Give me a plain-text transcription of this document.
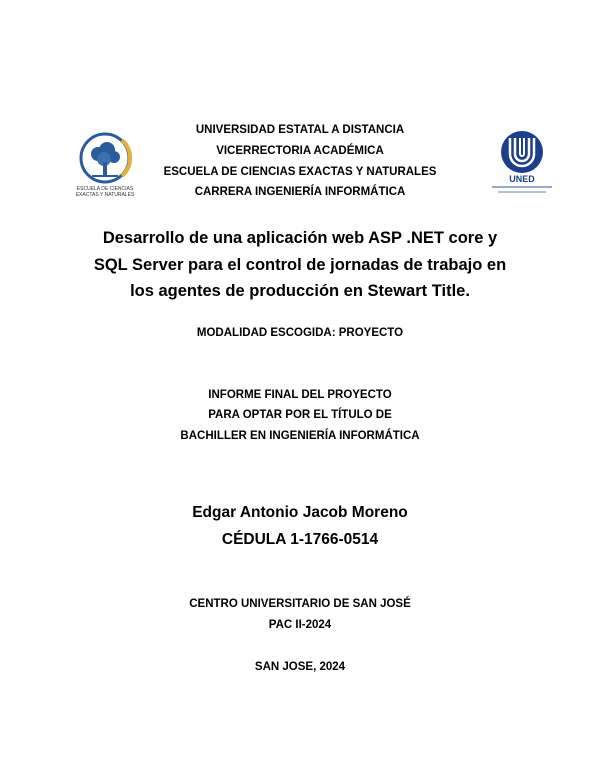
ESCUELA DE CIENCIAS
EXACTAS Y NATURALES
UNED
UNIVERSIDAD ESTATAL A DISTANCIA
VICERRECTORIA ACADÉMICA
ESCUELA DE CIENCIAS EXACTAS Y NATURALES
CARRERA INGENIERÍA INFORMÁTICA
Desarrollo de una aplicación web ASP .NET core y
SQL Server para el control de jornadas de trabajo en
los agentes de producción en Stewart Title.
MODALIDAD ESCOGIDA: PROYECTO
INFORME FINAL DEL PROYECTO
PARA OPTAR POR EL TÍTULO DE
BACHILLER EN INGENIERÍA INFORMÁTICA
Edgar Antonio Jacob Moreno
CÉDULA 1-1766-0514
CENTRO UNIVERSITARIO DE SAN JOSÉ
PAC II-2024
SAN JOSE, 2024
